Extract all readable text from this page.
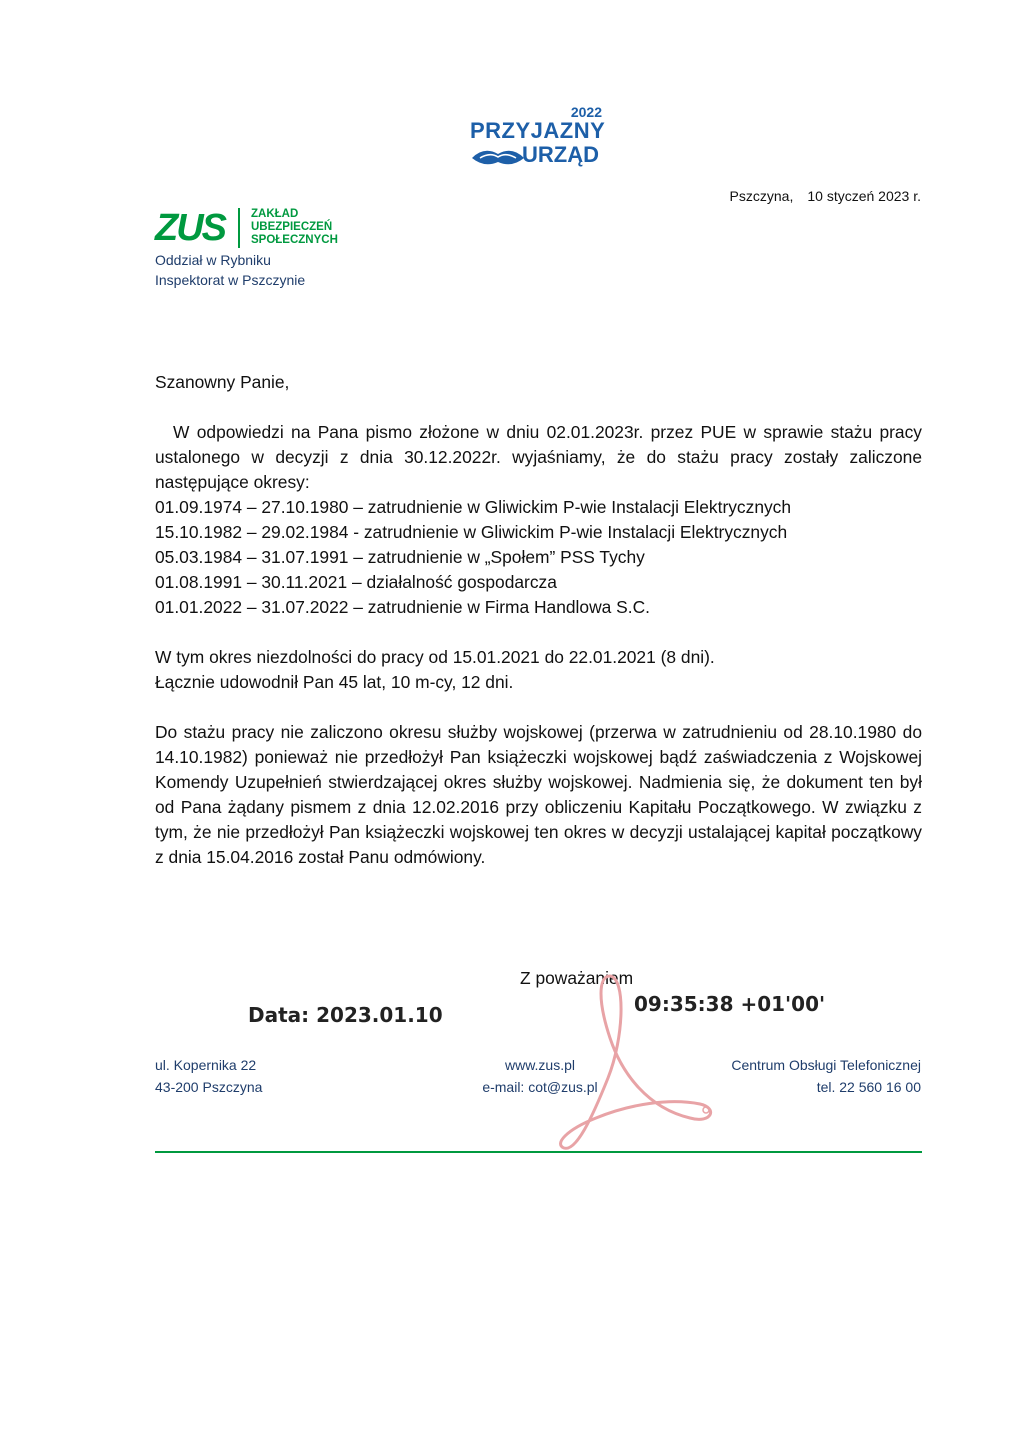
2022
PRZYJAZNY
URZĄD
ZUS ZAKŁAD
UBEZPIECZEŃ
SPOŁECZNYCH
Oddział w Rybniku
Inspektorat w Pszczynie
Pszczyna, 10 styczeń 2023 r.
Szanowny Panie,
W odpowiedzi na Pana pismo złożone w dniu 02.01.2023r. przez PUE w sprawie stażu pracy ustalonego w decyzji z dnia 30.12.2022r. wyjaśniamy, że do stażu pracy zostały zaliczone następujące okresy:
01.09.1974 – 27.10.1980 – zatrudnienie w Gliwickim P-wie Instalacji Elektrycznych
15.10.1982 – 29.02.1984 - zatrudnienie w Gliwickim P-wie Instalacji Elektrycznych
05.03.1984 – 31.07.1991 – zatrudnienie w „Społem” PSS Tychy
01.08.1991 – 30.11.2021 – działalność gospodarcza
01.01.2022 – 31.07.2022 – zatrudnienie w Firma Handlowa S.C.
W tym okres niezdolności do pracy od 15.01.2021 do 22.01.2021 (8 dni).
Łącznie udowodnił Pan 45 lat, 10 m-cy, 12 dni.
Do stażu pracy nie zaliczono okresu służby wojskowej (przerwa w zatrudnieniu od 28.10.1980 do 14.10.1982) ponieważ nie przedłożył Pan książeczki wojskowej bądź zaświadczenia z Wojskowej Komendy Uzupełnień stwierdzającej okres służby wojskowej. Nadmienia się, że dokument ten był od Pana żądany pismem z dnia 12.02.2016 przy obliczeniu Kapitału Początkowego. W związku z tym, że nie przedłożył Pan książeczki wojskowej ten okres w decyzji ustalającej kapitał początkowy z dnia 15.04.2016 został Panu odmówiony.
Z poważaniem
Data: 2023.01.10	09:35:38 +01'00'
ul. Kopernika 22
43-200 Pszczyna
www.zus.pl
e-mail: cot@zus.pl
Centrum Obsługi Telefonicznej
tel. 22 560 16 00
